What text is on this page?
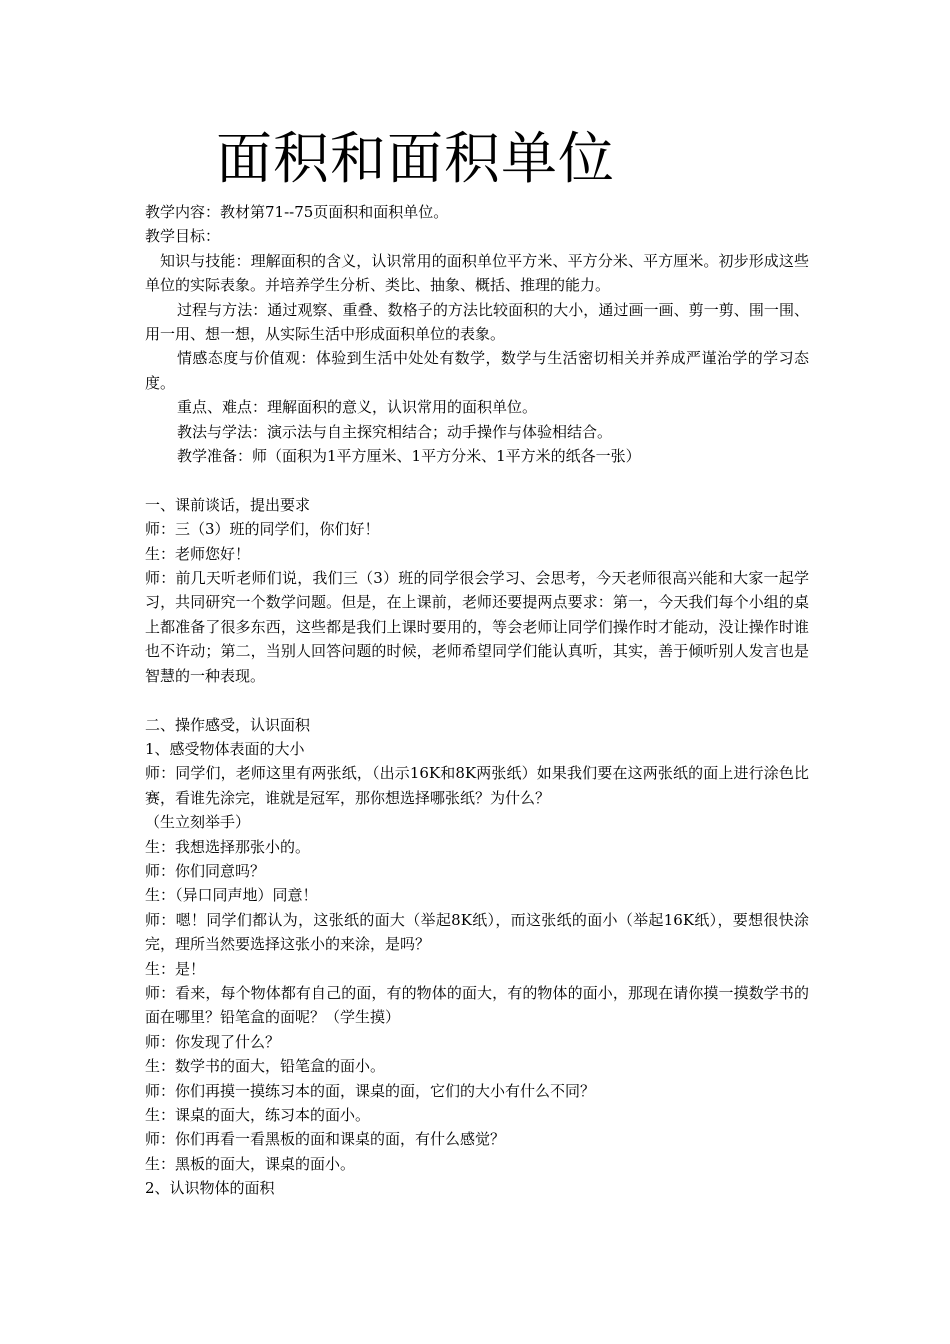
面积和面积单位

教学内容：教材第71--75页面积和面积单位。

教学目标：

知识与技能：理解面积的含义，认识常用的面积单位平方米、平方分米、平方厘米。初步形成这些单位的实际表象。并培养学生分析、类比、抽象、概括、推理的能力。

过程与方法：通过观察、重叠、数格子的方法比较面积的大小，通过画一画、剪一剪、围一围、用一用、想一想，从实际生活中形成面积单位的表象。

情感态度与价值观：体验到生活中处处有数学，数学与生活密切相关并养成严谨治学的学习态度。

重点、难点：理解面积的意义，认识常用的面积单位。

教法与学法：演示法与自主探究相结合；动手操作与体验相结合。

教学准备：师（面积为1平方厘米、1平方分米、1平方米的纸各一张）

一、课前谈话，提出要求

师：三（3）班的同学们，你们好！

生：老师您好！

师：前几天听老师们说，我们三（3）班的同学很会学习、会思考，今天老师很高兴能和大家一起学习，共同研究一个数学问题。但是，在上课前，老师还要提两点要求：第一，今天我们每个小组的桌上都准备了很多东西，这些都是我们上课时要用的，等会老师让同学们操作时才能动，没让操作时谁也不许动；第二，当别人回答问题的时候，老师希望同学们能认真听，其实，善于倾听别人发言也是智慧的一种表现。

二、操作感受，认识面积

1、感受物体表面的大小

师：同学们，老师这里有两张纸，（出示16K和8K两张纸）如果我们要在这两张纸的面上进行涂色比赛，看谁先涂完，谁就是冠军，那你想选择哪张纸？为什么？

（生立刻举手）

生：我想选择那张小的。

师：你们同意吗？

生：（异口同声地）同意！

师：嗯！同学们都认为，这张纸的面大（举起8K纸），而这张纸的面小（举起16K纸），要想很快涂完，理所当然要选择这张小的来涂，是吗？

生：是！

师：看来，每个物体都有自己的面，有的物体的面大，有的物体的面小，那现在请你摸一摸数学书的面在哪里？铅笔盒的面呢？（学生摸）

师：你发现了什么？

生：数学书的面大，铅笔盒的面小。

师：你们再摸一摸练习本的面，课桌的面，它们的大小有什么不同？

生：课桌的面大，练习本的面小。

师：你们再看一看黑板的面和课桌的面，有什么感觉？

生：黑板的面大，课桌的面小。

2、认识物体的面积
